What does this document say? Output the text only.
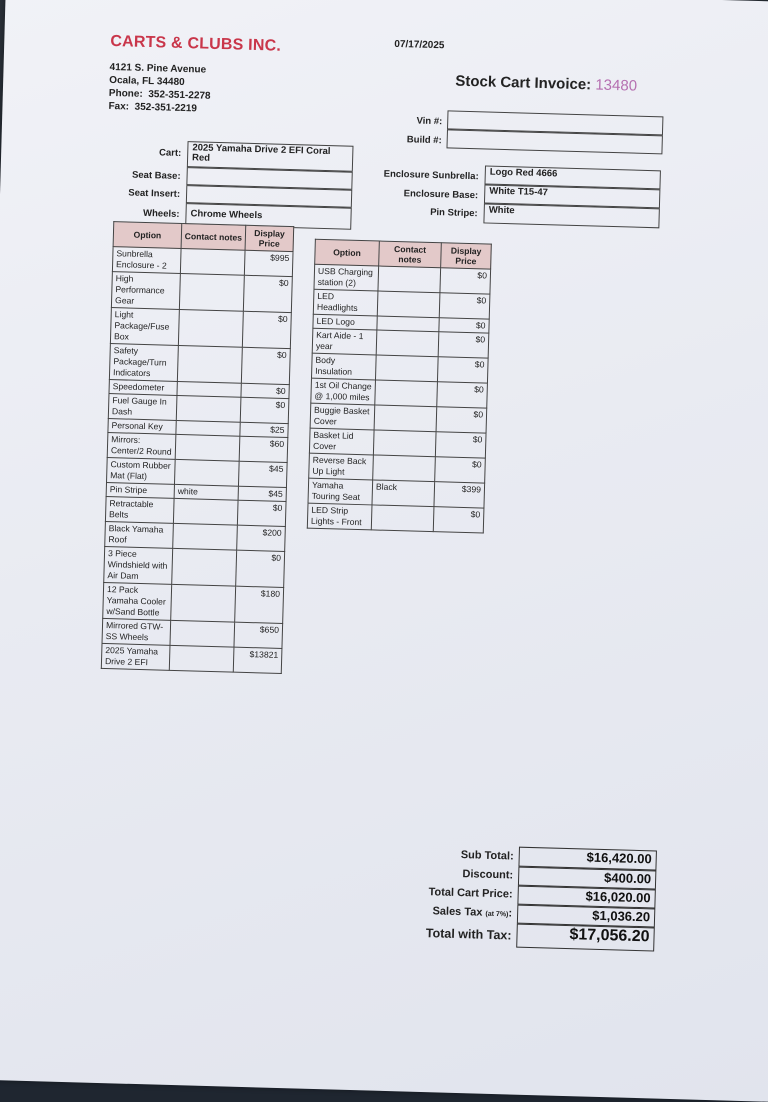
CARTS & CLUBS INC.
4121 S. Pine Avenue
Ocala, FL 34480
Phone: 352-351-2278
Fax: 352-351-2219
07/17/2025
Stock Cart Invoice: 13480
Vin #:
Build #:
Cart:	2025 Yamaha Drive 2 EFI Coral Red
Seat Base:
Seat Insert:
Wheels:	Chrome Wheels
Enclosure Sunbrella:	Logo Red 4666
Enclosure Base:	White T15-47
Pin Stripe:	White
Option	Contact notes	Display Price
Sunbrella Enclosure - 2		$995
High Performance Gear		$0
Light Package/Fuse Box		$0
Safety Package/Turn Indicators		$0
Speedometer		$0
Fuel Gauge In Dash		$0
Personal Key		$25
Mirrors: Center/2 Round		$60
Custom Rubber Mat (Flat)		$45
Pin Stripe	white	$45
Retractable Belts		$0
Black Yamaha Roof		$200
3 Piece Windshield with Air Dam		$0
12 Pack Yamaha Cooler w/Sand Bottle		$180
Mirrored GTW-SS Wheels		$650
2025 Yamaha Drive 2 EFI		$13821
Option	Contact notes	Display Price
USB Charging station (2)		$0
LED Headlights		$0
LED Logo		$0
Kart Aide - 1 year		$0
Body Insulation		$0
1st Oil Change @ 1,000 miles		$0
Buggie Basket Cover		$0
Basket Lid Cover		$0
Reverse Back Up Light		$0
Yamaha Touring Seat	Black	$399
LED Strip Lights - Front		$0
Sub Total:	$16,420.00
Discount:	$400.00
Total Cart Price:	$16,020.00
Sales Tax (at 7%):	$1,036.20
Total with Tax:	$17,056.20
